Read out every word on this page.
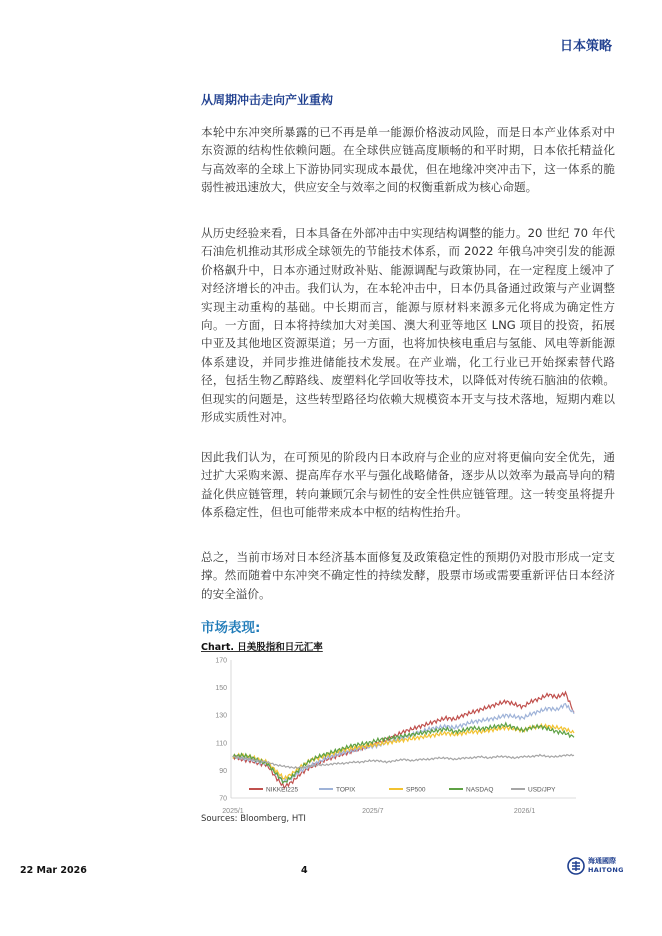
日本策略
从周期冲击走向产业重构

本轮中东冲突所暴露的已不再是单一能源价格波动风险，而是日本产业体系对中东资源的结构性依赖问题。在全球供应链高度顺畅的和平时期，日本依托精益化与高效率的全球上下游协同实现成本最优，但在地缘冲突冲击下，这一体系的脆弱性被迅速放大，供应安全与效率之间的权衡重新成为核心命题。

从历史经验来看，日本具备在外部冲击中实现结构调整的能力。20 世纪 70 年代石油危机推动其形成全球领先的节能技术体系，而 2022 年俄乌冲突引发的能源价格飙升中，日本亦通过财政补贴、能源调配与政策协同，在一定程度上缓冲了对经济增长的冲击。我们认为，在本轮冲击中，日本仍具备通过政策与产业调整实现主动重构的基础。中长期而言，能源与原材料来源多元化将成为确定性方向。一方面，日本将持续加大对美国、澳大利亚等地区 LNG 项目的投资，拓展中亚及其他地区资源渠道；另一方面，也将加快核电重启与氢能、风电等新能源体系建设，并同步推进储能技术发展。在产业端，化工行业已开始探索替代路径，包括生物乙醇路线、废塑料化学回收等技术，以降低对传统石脑油的依赖。但现实的问题是，这些转型路径均依赖大规模资本开支与技术落地，短期内难以形成实质性对冲。

因此我们认为，在可预见的阶段内日本政府与企业的应对将更偏向安全优先，通过扩大采购来源、提高库存水平与强化战略储备，逐步从以效率为最高导向的精益化供应链管理，转向兼顾冗余与韧性的安全性供应链管理。这一转变虽将提升体系稳定性，但也可能带来成本中枢的结构性抬升。

总之，当前市场对日本经济基本面修复及政策稳定性的预期仍对股市形成一定支撑。然而随着中东冲突不确定性的持续发酵，股票市场或需要重新评估日本经济的安全溢价。

市场表现:
Chart. 日美股指和日元汇率
70
90
110
130
150
170
2025/1	2025/7	2026/1
NIKKEI225	TOPIX	SP500	NASDAQ	USD/JPY
Sources: Bloomberg, HTI
22 Mar 2026	4
海通國際
HAITONG
